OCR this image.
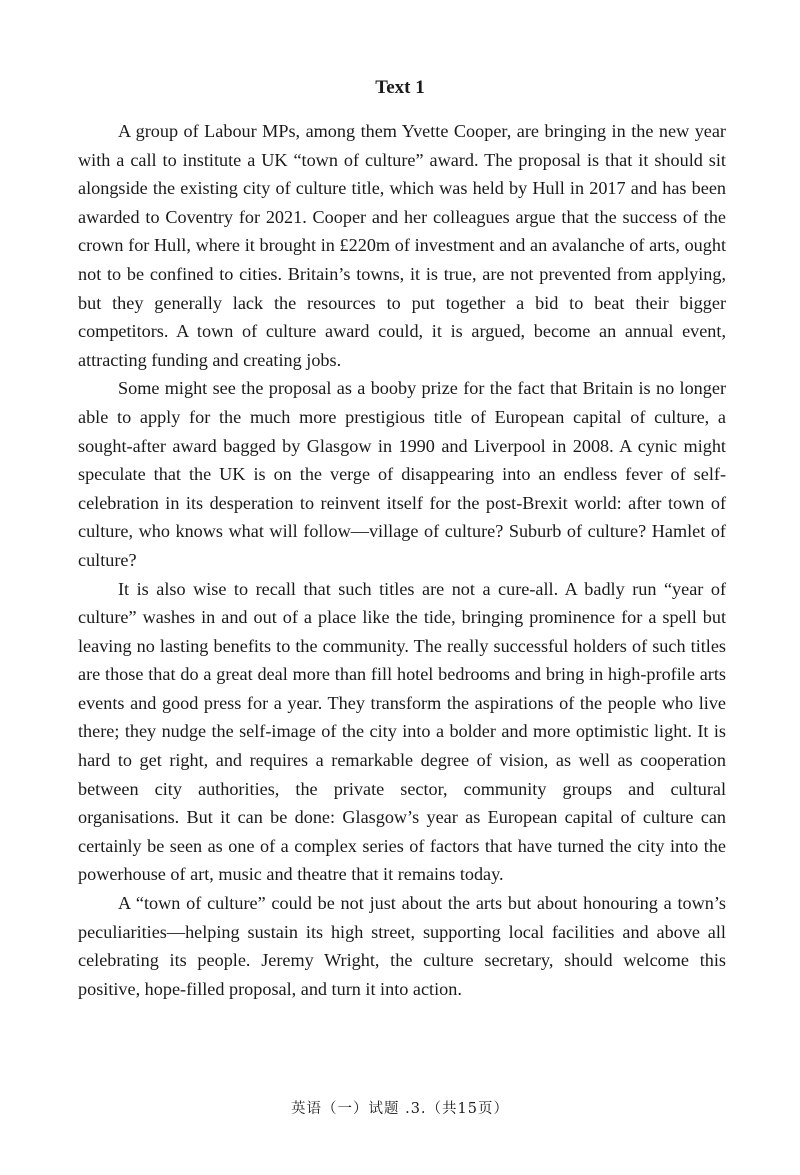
Text 1

A group of Labour MPs, among them Yvette Cooper, are bringing in the new year with a call to institute a UK “town of culture” award. The proposal is that it should sit alongside the existing city of culture title, which was held by Hull in 2017 and has been awarded to Coventry for 2021. Cooper and her colleagues argue that the success of the crown for Hull, where it brought in £220m of investment and an avalanche of arts, ought not to be confined to cities. Britain’s towns, it is true, are not prevented from applying, but they generally lack the resources to put together a bid to beat their bigger competitors. A town of culture award could, it is argued, become an annual event, attracting funding and creating jobs.

Some might see the proposal as a booby prize for the fact that Britain is no longer able to apply for the much more prestigious title of European capital of culture, a sought-after award bagged by Glasgow in 1990 and Liverpool in 2008. A cynic might speculate that the UK is on the verge of disappearing into an endless fever of self-celebration in its desperation to reinvent itself for the post-Brexit world: after town of culture, who knows what will follow—village of culture? Suburb of culture? Hamlet of culture?

It is also wise to recall that such titles are not a cure-all. A badly run “year of culture” washes in and out of a place like the tide, bringing prominence for a spell but leaving no lasting benefits to the community. The really successful holders of such titles are those that do a great deal more than fill hotel bedrooms and bring in high-profile arts events and good press for a year. They transform the aspirations of the people who live there; they nudge the self-image of the city into a bolder and more optimistic light. It is hard to get right, and requires a remarkable degree of vision, as well as cooperation between city authorities, the private sector, community groups and cultural organisations. But it can be done: Glasgow’s year as European capital of culture can certainly be seen as one of a complex series of factors that have turned the city into the powerhouse of art, music and theatre that it remains today.

A “town of culture” could be not just about the arts but about honouring a town’s peculiarities—helping sustain its high street, supporting local facilities and above all celebrating its people. Jeremy Wright, the culture secretary, should welcome this positive, hope-filled proposal, and turn it into action.

英语（一）试题 .3.（共15页）
